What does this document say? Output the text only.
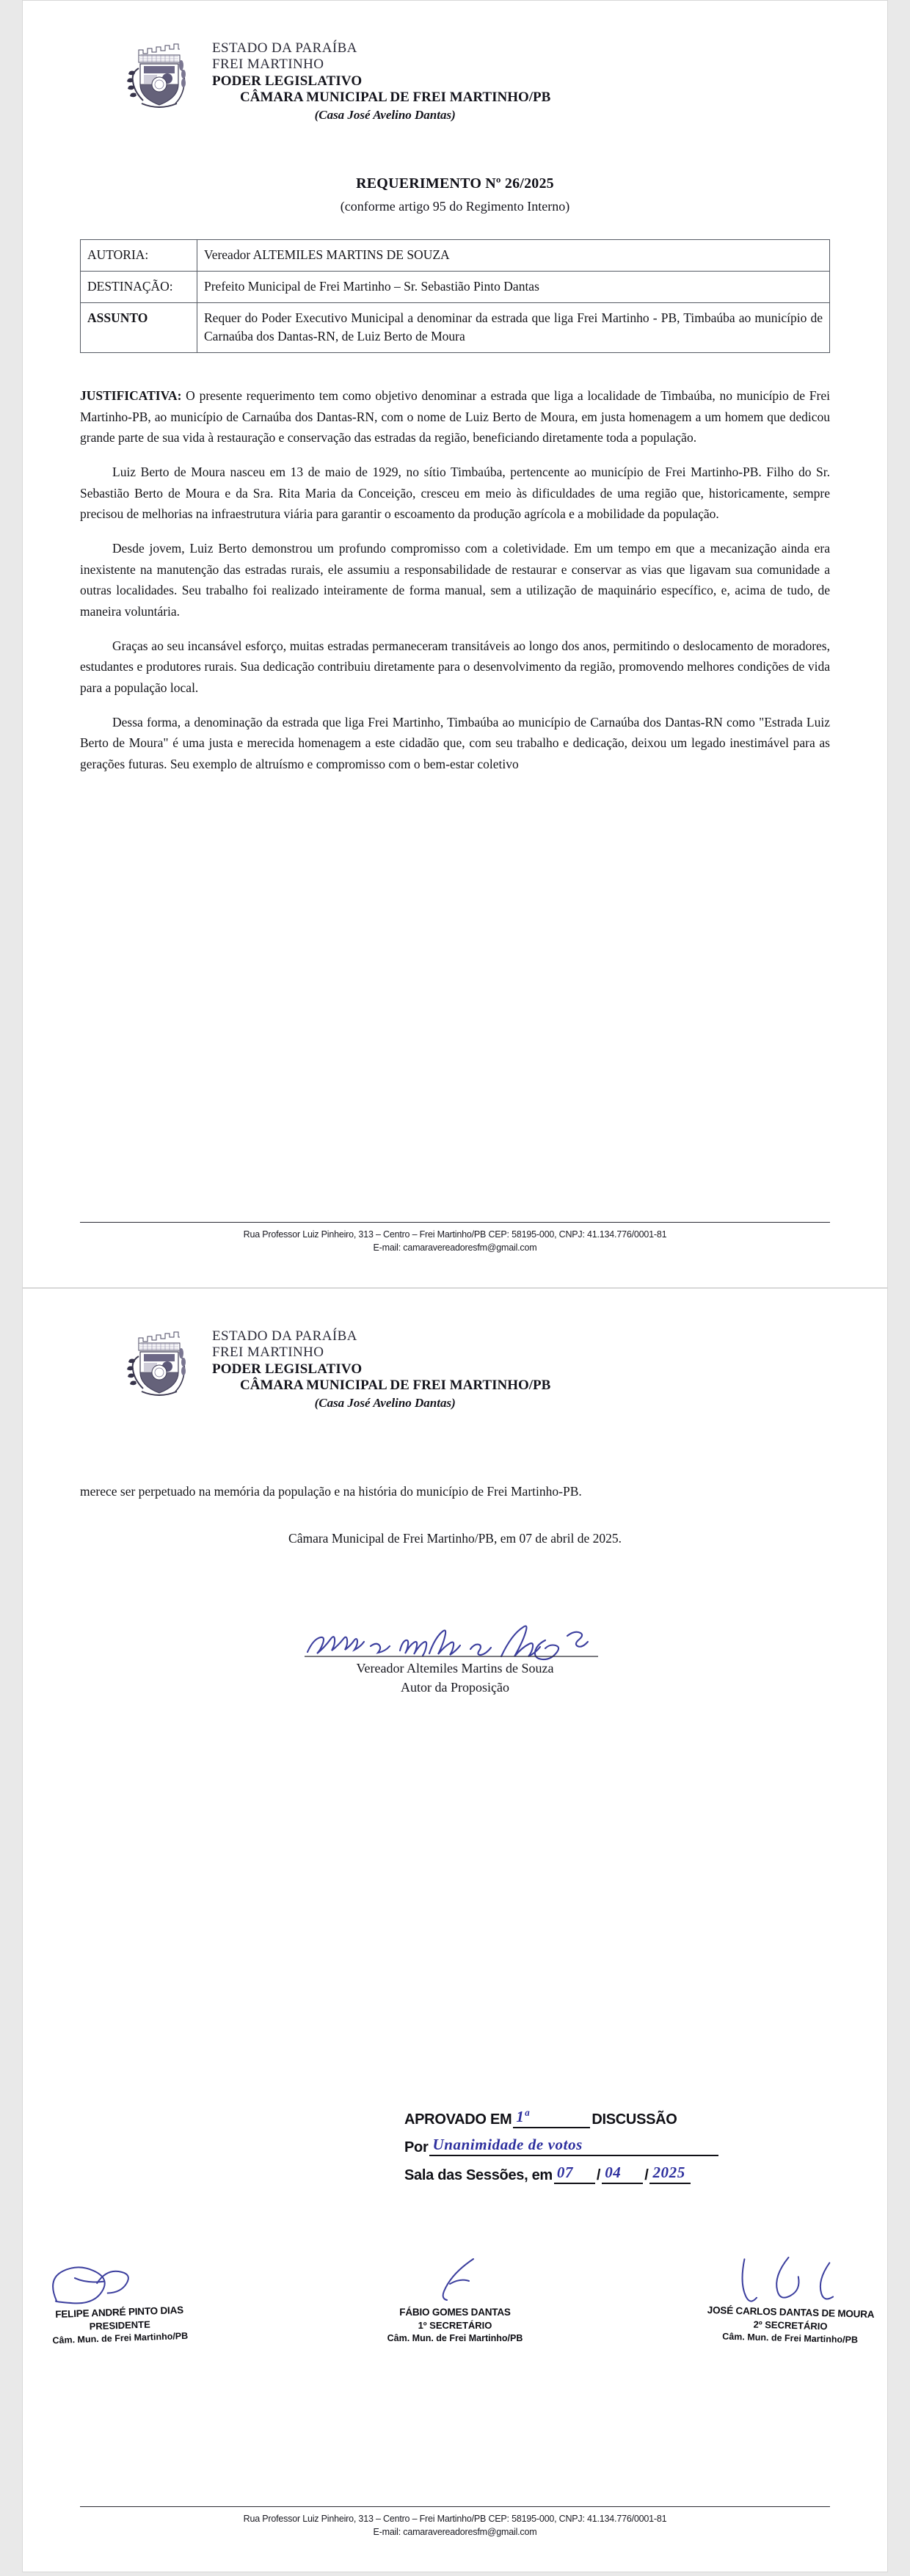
ESTADO DA PARAÍBA
FREI MARTINHO
PODER LEGISLATIVO
CÂMARA MUNICIPAL DE FREI MARTINHO/PB
(Casa José Avelino Dantas)
REQUERIMENTO Nº 26/2025
(conforme artigo 95 do Regimento Interno)
AUTORIA:	Vereador ALTEMILES MARTINS DE SOUZA
DESTINAÇÃO:	Prefeito Municipal de Frei Martinho – Sr. Sebastião Pinto Dantas
ASSUNTO	Requer do Poder Executivo Municipal a denominar da estrada que liga Frei Martinho - PB, Timbaúba ao município de Carnaúba dos Dantas-RN, de Luiz Berto de Moura

JUSTIFICATIVA: O presente requerimento tem como objetivo denominar a estrada que liga a localidade de Timbaúba, no município de Frei Martinho-PB, ao município de Carnaúba dos Dantas-RN, com o nome de Luiz Berto de Moura, em justa homenagem a um homem que dedicou grande parte de sua vida à restauração e conservação das estradas da região, beneficiando diretamente toda a população.

Luiz Berto de Moura nasceu em 13 de maio de 1929, no sítio Timbaúba, pertencente ao município de Frei Martinho-PB. Filho do Sr. Sebastião Berto de Moura e da Sra. Rita Maria da Conceição, cresceu em meio às dificuldades de uma região que, historicamente, sempre precisou de melhorias na infraestrutura viária para garantir o escoamento da produção agrícola e a mobilidade da população.

Desde jovem, Luiz Berto demonstrou um profundo compromisso com a coletividade. Em um tempo em que a mecanização ainda era inexistente na manutenção das estradas rurais, ele assumiu a responsabilidade de restaurar e conservar as vias que ligavam sua comunidade a outras localidades. Seu trabalho foi realizado inteiramente de forma manual, sem a utilização de maquinário específico, e, acima de tudo, de maneira voluntária.

Graças ao seu incansável esforço, muitas estradas permaneceram transitáveis ao longo dos anos, permitindo o deslocamento de moradores, estudantes e produtores rurais. Sua dedicação contribuiu diretamente para o desenvolvimento da região, promovendo melhores condições de vida para a população local.

Dessa forma, a denominação da estrada que liga Frei Martinho, Timbaúba ao município de Carnaúba dos Dantas-RN como "Estrada Luiz Berto de Moura" é uma justa e merecida homenagem a este cidadão que, com seu trabalho e dedicação, deixou um legado inestimável para as gerações futuras. Seu exemplo de altruísmo e compromisso com o bem-estar coletivo

Rua Professor Luiz Pinheiro, 313 – Centro – Frei Martinho/PB CEP: 58195-000, CNPJ: 41.134.776/0001-81
E-mail: camaravereadoresfm@gmail.com
ESTADO DA PARAÍBA
FREI MARTINHO
PODER LEGISLATIVO
CÂMARA MUNICIPAL DE FREI MARTINHO/PB
(Casa José Avelino Dantas)

merece ser perpetuado na memória da população e na história do município de Frei Martinho-PB.

Câmara Municipal de Frei Martinho/PB, em 07 de abril de 2025.
Vereador Altemiles Martins de Souza
Autor da Proposição
APROVADO EM 1ª	DISCUSSÃO
Por Unanimidade de votos
Sala das Sessões, em 07 / 04 / 2025
FELIPE ANDRÉ PINTO DIAS
PRESIDENTE
Câm. Mun. de Frei Martinho/PB
FÁBIO GOMES DANTAS
1º SECRETÁRIO
Câm. Mun. de Frei Martinho/PB
JOSÉ CARLOS DANTAS DE MOURA
2º SECRETÁRIO
Câm. Mun. de Frei Martinho/PB
Rua Professor Luiz Pinheiro, 313 – Centro – Frei Martinho/PB CEP: 58195-000, CNPJ: 41.134.776/0001-81
E-mail: camaravereadoresfm@gmail.com
